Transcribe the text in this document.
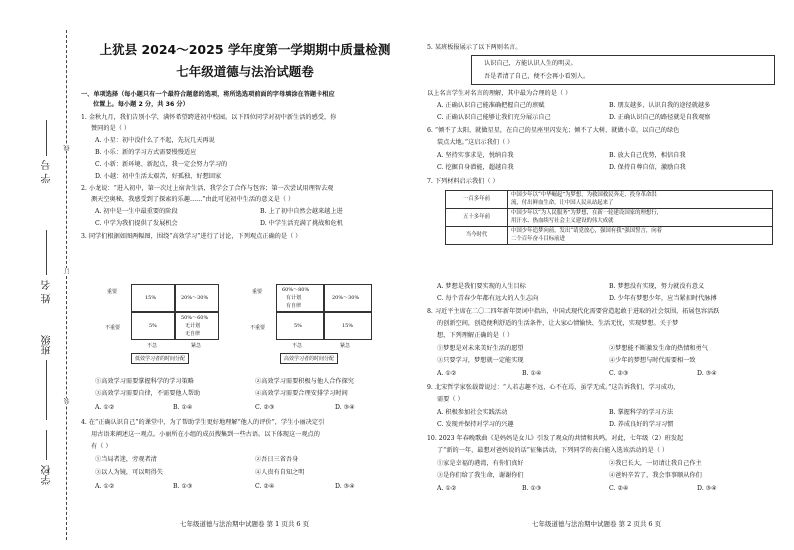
学 号
姓 名
班级
学校
线
订
装
上犹县 2024～2025 学年度第一学期期中质量检测
七年级道德与法治试题卷
一、单项选择（每小题只有一个最符合题意的选项，将所选选项前面的字母填涂在答题卡相应
位置上。每小题 2 分，共 36 分）
1. 金秋九月，我们告别小学，满怀希望跨进初中校园。以下四位同学对初中新生活的感受，你
赞同的是（ ）
A. 小星：初中没什么了不起，先玩几天再说
B. 小乐：新的学习方式需要慢慢适应
C. 小新：新环境、新起点，我一定会努力学习的
D. 小越：初中生活太艰苦，好孤独、好想回家
2. 小龙说：“进入初中，第一次过上宿舍生活，我学会了合作与包容；第一次尝试用理智去观
测天空奥秘，我感受到了探索的乐趣……”由此可见初中生活的意义是（ ）
A. 初中是一生中最重要的阶段	B. 上了初中自然会越来越上进
C. 中学为我们提供了发展机会	D. 中学生活充满了挑战和危机
3. 同学们根据如图两幅图，围绕“高效学习”进行了讨论，下列观点正确的是（ ）
重要
不重要
15%	20%～30%
5%
50%～60%
无计划
无自律
不急	紧急
低效学习者的时间分配
重要
不重要
60%～80%
有计划
有自律
20%～30%
5%	15%
不急	紧急
高效学习者的时间分配
①高效学习需要掌握科学的学习策略	②高效学习需要积极与他人合作探究
③高效学习需要自律，不需要他人帮助	④高效学习需要合理安排学习时间
A. ①②	B. ①④	C. ②③	D. ③④
4. 在“正确认识自己”的课堂中，为了帮助学生更好地理解“他人的评价”，学生小丽决定引
用古语来阐述这一观点。小丽所在小组的成员搜集到一些古语。以下体现这一观点的
有（ ）
①当局者迷，旁观者清	②吾日三省吾身
③以人为镜，可以明得失	④人贵有自知之明
A. ①②	B. ①③	C. ②④	D. ③④
七年级道德与法治期中试题卷 第 1 页共 6 页
5. 某班板报展示了以下两则名言。
认识自己，方能认识人生的明灵。
吾是者清了自己，便不会再小看别人。
以上名言学生对名言的理解，其中最为合理的是（ ）
A. 正确认识自己能准确把握自己的禀赋	B. 朋友越多，认识自我的途径就越多
C. 正确认识自己能够让我们充分展示自己	D. 正确认识自己的路径就是自我观察
6. “倾不了太阳，就做星星，在自己的星座里闪发光；倾不了大树，就做小草，以自己的绿色
装点大地。”这启示我们（ ）
A. 坚持实事求是，悦纳自我	B. 放大自己优势，相信自我
C. 挖掘自身潜能，超越自我	D. 保持自尊自信，激励自我
7. 下列材料启示我们（ ）
一百多年前	中国少年以“中华崛起”为梦想，为救国救民奔走，投身革命洪
流，付出鲜血生命，让中国人民从站起来了

五十多年前	中国少年以“为人民服务”为梦想，在新一轮建设国家的理想行，
用汗水、热血续写社会主义建设的伟大成就

当今时代	中国少年追梦向前，发出“请党放心，强国有我”强国誓言，向着
二个百年奋斗目标前进
A. 梦想是我们要实现的人生目标	B. 梦想没有实现，努力就没有意义
C. 每个青春少年都有远大的人生志向	D. 少年有梦想少年，应当紧扣时代脉搏
8. 习近平主席在二〇二四年新年贺词中指出，中国式现代化需要营造起敢于进取的社会氛围，拓展包容活跃
的创新空间，创造便利舒适的生活条件，让大家心情愉快、生活无忧，实现梦想。关于梦
想，下列理解正确的是（ ）
①梦想是对未来美好生活的愿望	②梦想能不断激发生命的热情和勇气
③只要学习，梦想就一定能实现	④少年的梦想与时代需要相一致
A. ①②	B. ①④	C. ②③	D. ③④
9. 北宋哲学家张载曾说过：“人若志趣不远，心不在焉，虽学无成。”这告诉我们，学习成功，
需要（ ）
A. 积极参加社会实践活动	B. 掌握科学的学习方法
C. 发现并保持对学习的兴趣	D. 养成良好的学习习惯
10. 2023 年春晚歌曲《是妈妈是女儿》引发了观众的共情和共鸣。对此，七年级（2）班发起
了“新的一年，最想对爸妈说的话”征集活动，下列同学的表白能入选该活动的是（ ）
①家是幸福的港湾，有你们真好	②我已长大，一切请让我自己作主
③是你们给了我生命，谢谢你们	④爸妈辛苦了，我会事事顺从你们
A. ①②	B. ①③	C. ②④	D. ③④
七年级道德与法治期中试题卷 第 2 页共 6 页
